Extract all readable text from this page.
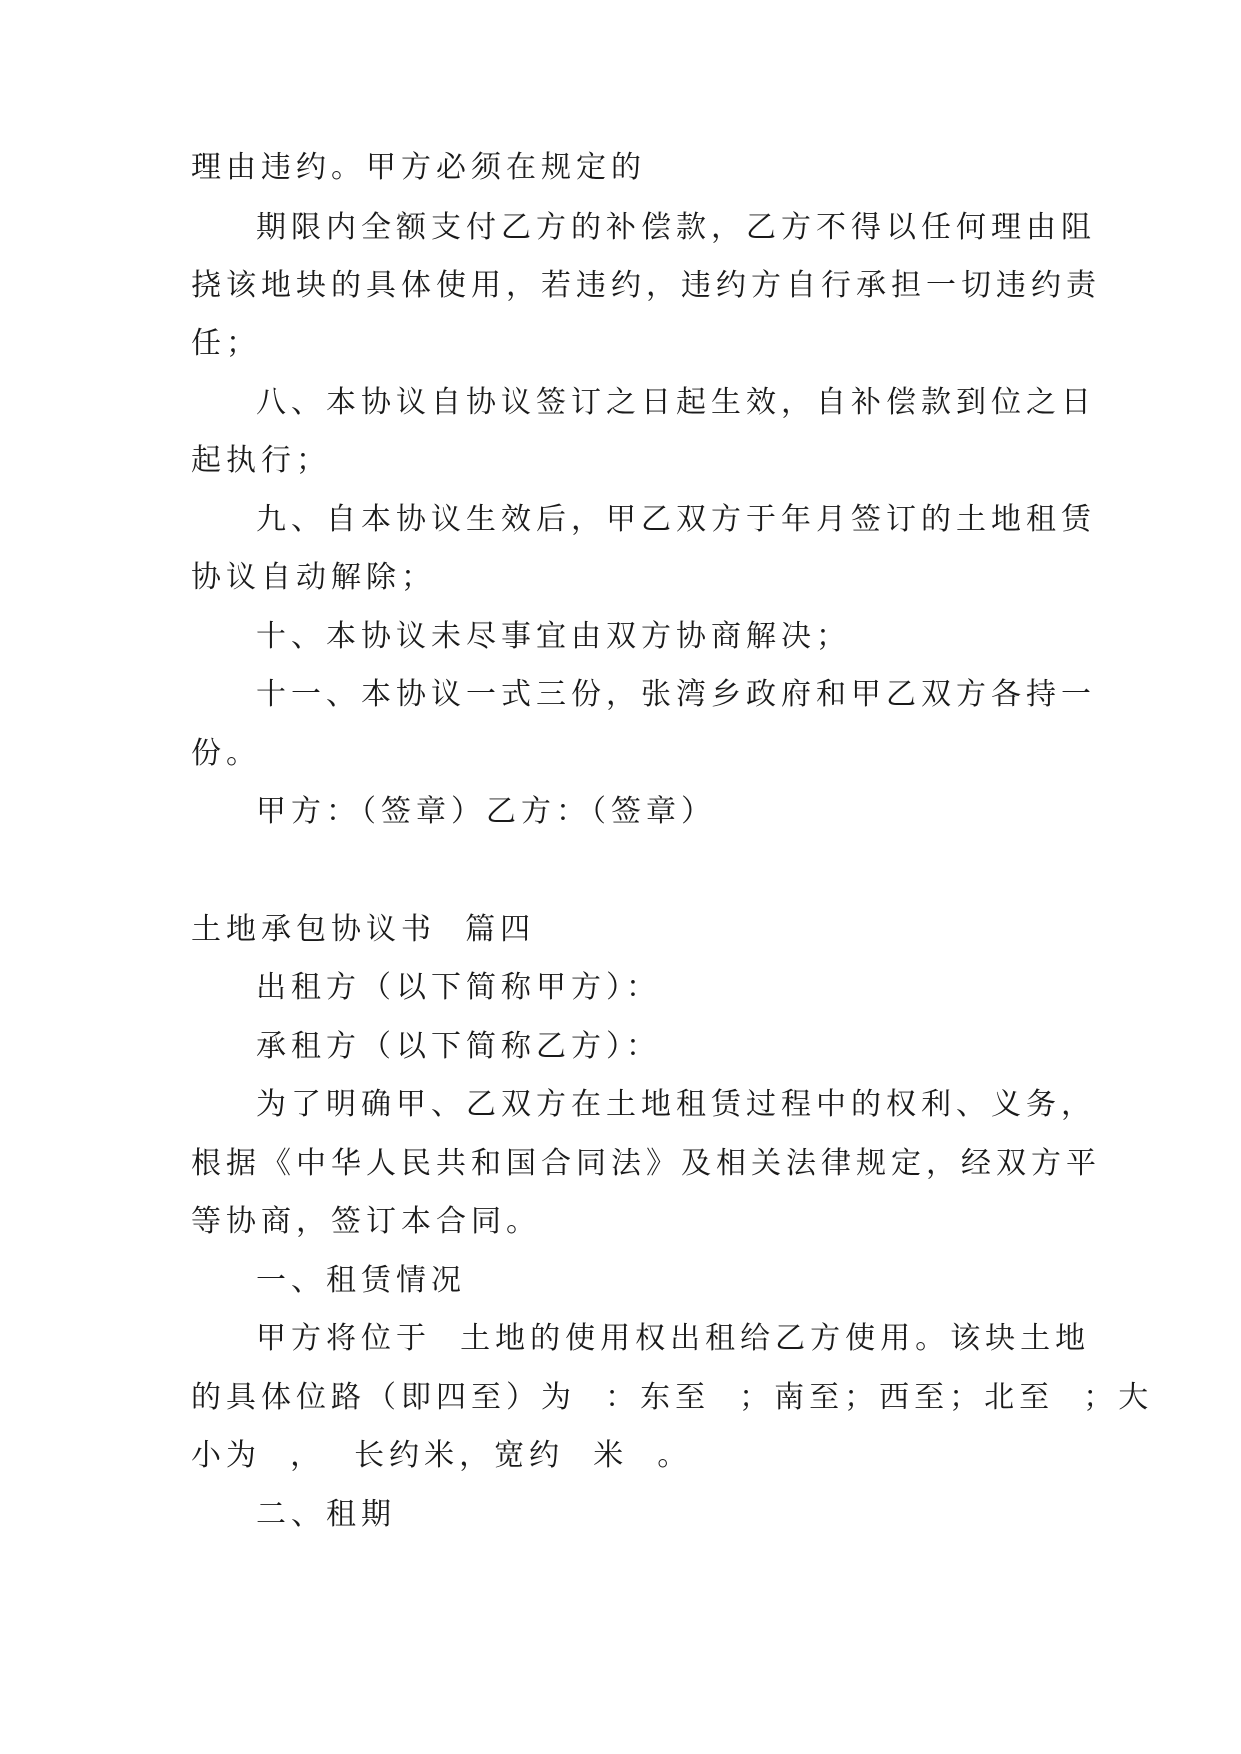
理由违约。甲方必须在规定的
期限内全额支付乙方的补偿款，乙方不得以任何理由阻
挠该地块的具体使用，若违约，违约方自行承担一切违约责
任；
八、本协议自协议签订之日起生效，自补偿款到位之日
起执行；
九、自本协议生效后，甲乙双方于年月签订的土地租赁
协议自动解除；
十、本协议未尽事宜由双方协商解决；
十一、本协议一式三份，张湾乡政府和甲乙双方各持一
份。
甲方：（签章）乙方：（签章）
土地承包协议书  篇四
出租方（以下简称甲方）：
承租方（以下简称乙方）：
为了明确甲、乙双方在土地租赁过程中的权利、义务，
根据《中华人民共和国合同法》及相关法律规定，经双方平
等协商，签订本合同。
一、租赁情况
甲方将位于  土地的使用权出租给乙方使用。该块土地
的具体位路（即四至）为  ：东至  ；南至；西至；北至  ；大
小为  ，  长约米，宽约  米  。
二、租期
